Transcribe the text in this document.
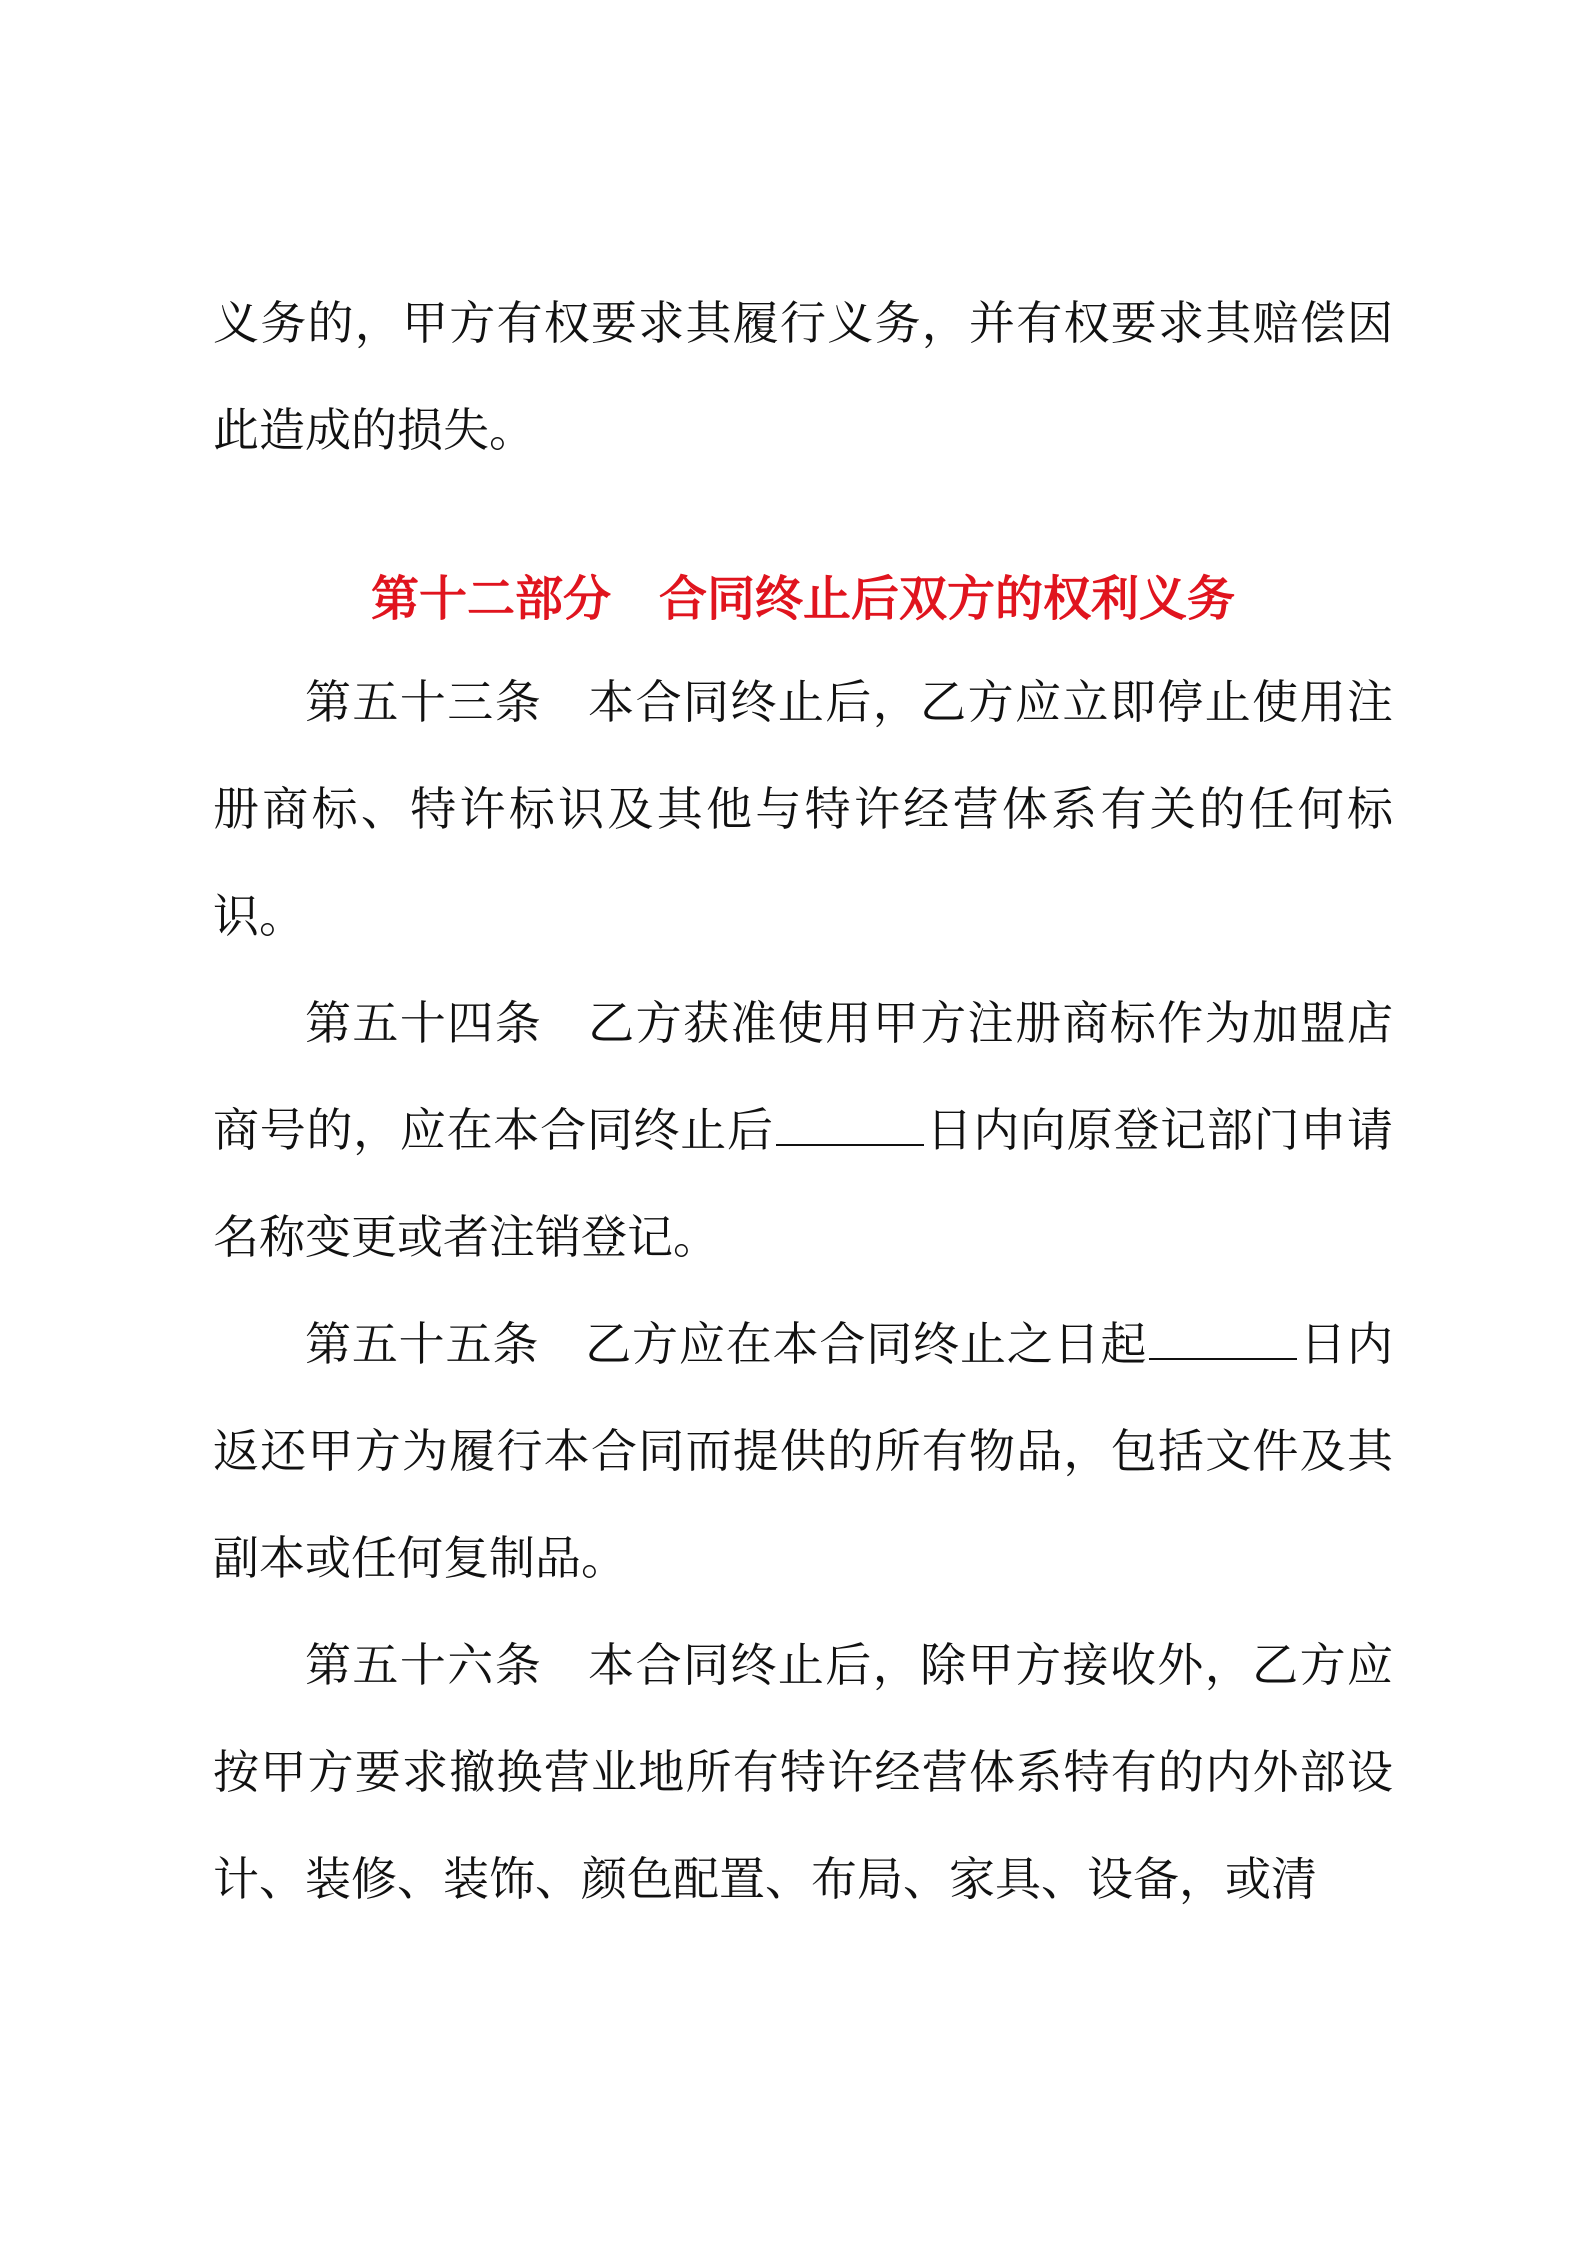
义务的，甲方有权要求其履行义务，并有权要求其赔偿因此造成的损失。

第十二部分　合同终止后双方的权利义务

第五十三条 本合同终止后，乙方应立即停止使用注册商标、特许标识及其他与特许经营体系有关的任何标识。

第五十四条 乙方获准使用甲方注册商标作为加盟店商号的，应在本合同终止后	日内向原登记部门申请名称变更或者注销登记。

第五十五条 乙方应在本合同终止之日起	日内返还甲方为履行本合同而提供的所有物品，包括文件及其副本或任何复制品。

第五十六条 本合同终止后，除甲方接收外，乙方应按甲方要求撤换营业地所有特许经营体系特有的内外部设计、装修、装饰、颜色配置、布局、家具、设备，或清
